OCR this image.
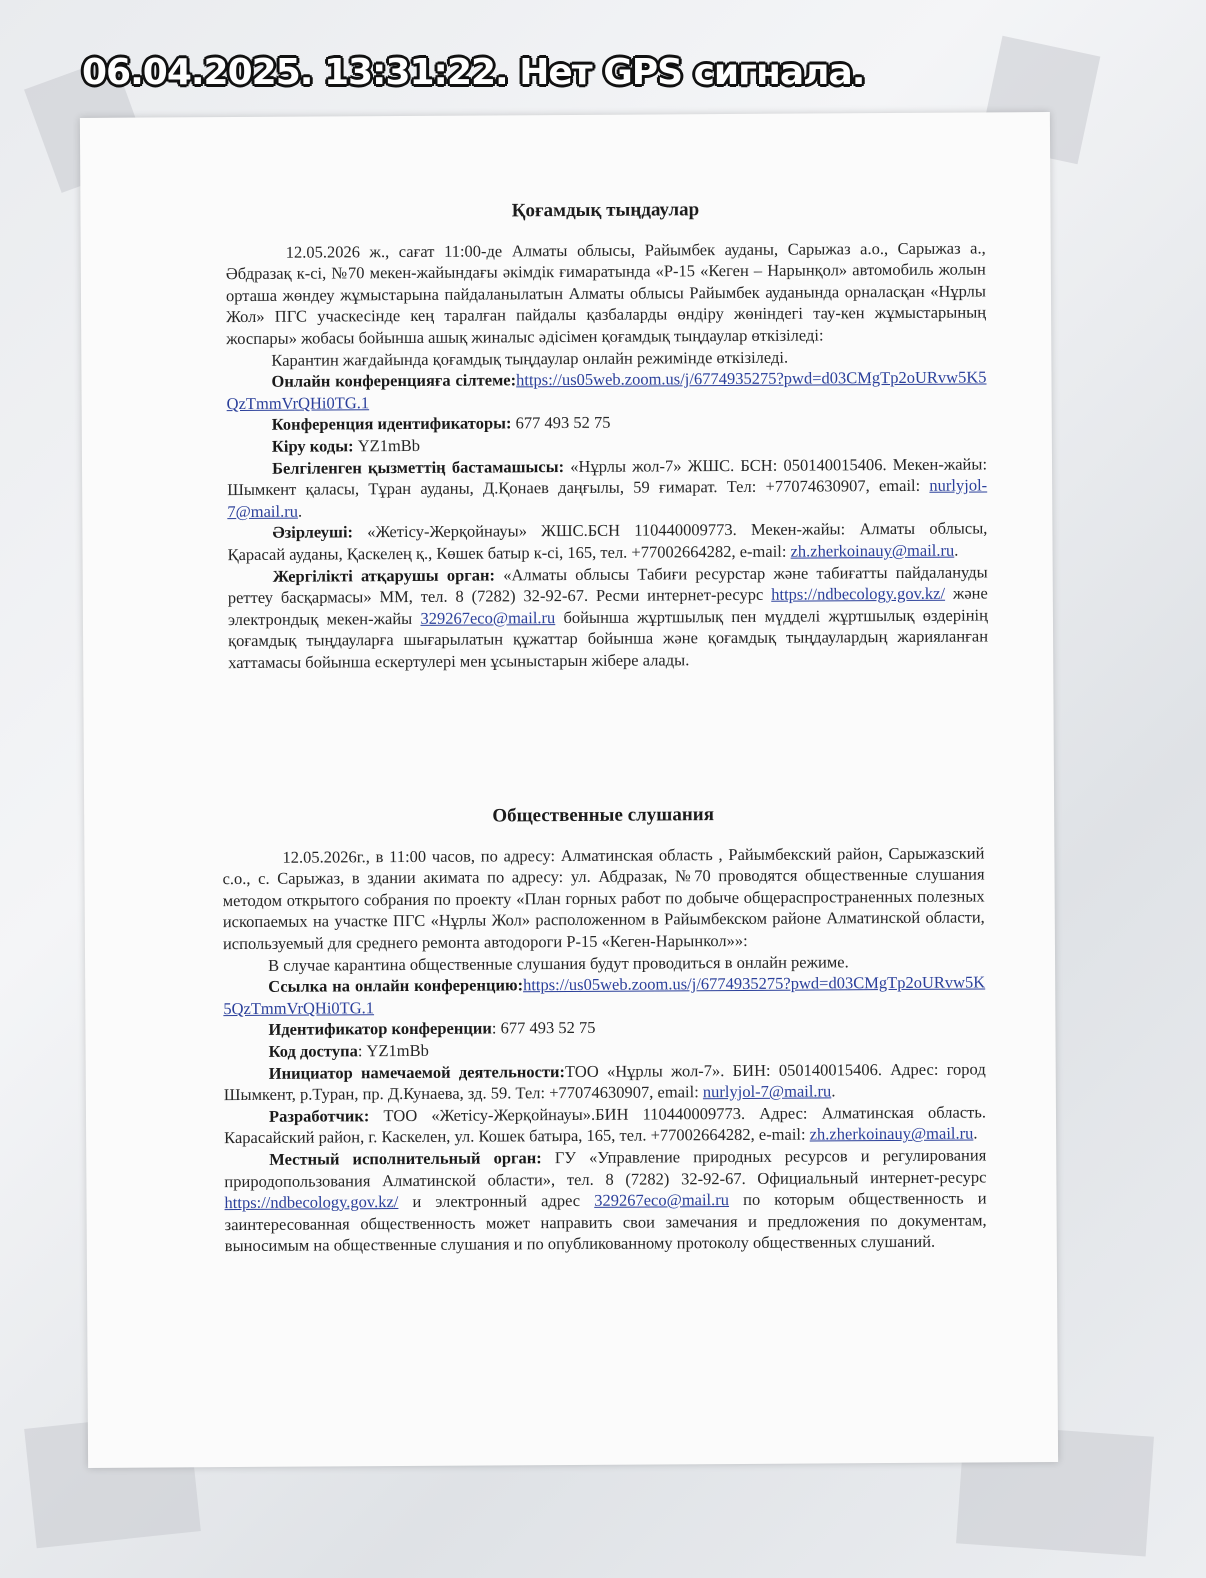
Қоғамдық тыңдаулар

12.05.2026 ж., сағат 11:00-де Алматы облысы, Райымбек ауданы, Сарыжаз а.о., Сарыжаз а., Әбдразақ к-сі, №70 мекен-жайындағы әкімдік ғимаратында «Р-15 «Кеген – Нарынқол» автомобиль жолын орташа жөндеу жұмыстарына пайдаланылатын Алматы облысы Райымбек ауданында орналасқан «Нұрлы Жол» ПГС учаскесінде кең таралған пайдалы қазбаларды өндіру жөніндегі тау-кен жұмыстарының жоспары» жобасы бойынша ашық жиналыс әдісімен қоғамдық тыңдаулар өткізіледі:

Карантин жағдайында қоғамдық тыңдаулар онлайн режимінде өткізіледі.

Онлайн конференцияға сілтеме:https://us05web.zoom.us/j/6774935275?pwd=d03CMgTp2oURvw5K5QzTmmVrQHi0TG.1

Конференция идентификаторы: 677 493 52 75

Кіру коды: YZ1mBb

Белгіленген қызметтің бастамашысы: «Нұрлы жол-7» ЖШС. БСН: 050140015406. Мекен-жайы: Шымкент қаласы, Тұран ауданы, Д.Қонаев даңғылы, 59 ғимарат. Тел: +77074630907, email: nurlyjol-7@mail.ru.

Әзірлеуші: «Жетісу-Жерқойнауы» ЖШС.БСН 110440009773. Мекен-жайы: Алматы облысы, Қарасай ауданы, Қаскелең қ., Көшек батыр к-сі, 165, тел. +77002664282, e-mail: zh.zherkoinauy@mail.ru.

Жергілікті атқарушы орган: «Алматы облысы Табиғи ресурстар және табиғатты пайдалануды реттеу басқармасы» ММ, тел. 8 (7282) 32-92-67. Ресми интернет-ресурс https://ndbecology.gov.kz/ және электрондық мекен-жайы 329267eco@mail.ru бойынша жұртшылық пен мүдделі жұртшылық өздерінің қоғамдық тыңдауларға шығарылатын құжаттар бойынша және қоғамдық тыңдаулардың жарияланған хаттамасы бойынша ескертулері мен ұсыныстарын жібере алады.

Общественные слушания

12.05.2026г., в 11:00 часов, по адресу: Алматинская область , Райымбекский район, Сарыжазский с.о., с. Сарыжаз, в здании акимата по адресу: ул. Абдразак, №70 проводятся общественные слушания методом открытого собрания по проекту «План горных работ по добыче общераспространенных полезных ископаемых на участке ПГС «Нұрлы Жол» расположенном в Райымбекском районе Алматинской области, используемый для среднего ремонта автодороги Р-15 «Кеген-Нарынкол»»:

В случае карантина общественные слушания будут проводиться в онлайн режиме.

Ссылка на онлайн конференцию:https://us05web.zoom.us/j/6774935275?pwd=d03CMgTp2oURvw5K5QzTmmVrQHi0TG.1

Идентификатор конференции: 677 493 52 75

Код доступа: YZ1mBb

Инициатор намечаемой деятельности:ТОО «Нұрлы жол-7». БИН: 050140015406. Адрес: город Шымкент, р.Туран, пр. Д.Кунаева, зд. 59. Тел: +77074630907, email: nurlyjol-7@mail.ru.

Разработчик: ТОО «Жетісу-Жерқойнауы».БИН 110440009773. Адрес: Алматинская область. Карасайский район, г. Каскелен, ул. Кошек батыра, 165, тел. +77002664282, e-mail: zh.zherkoinauy@mail.ru.

Местный исполнительный орган: ГУ «Управление природных ресурсов и регулирования природопользования Алматинской области», тел. 8 (7282) 32-92-67. Официальный интернет-ресурс https://ndbecology.gov.kz/ и электронный адрес 329267eco@mail.ru по которым общественность и заинтересованная общественность может направить свои замечания и предложения по документам, выносимым на общественные слушания и по опубликованному протоколу общественных слушаний.

06.04.2025. 13:31:22. Нет GPS сигнала.
